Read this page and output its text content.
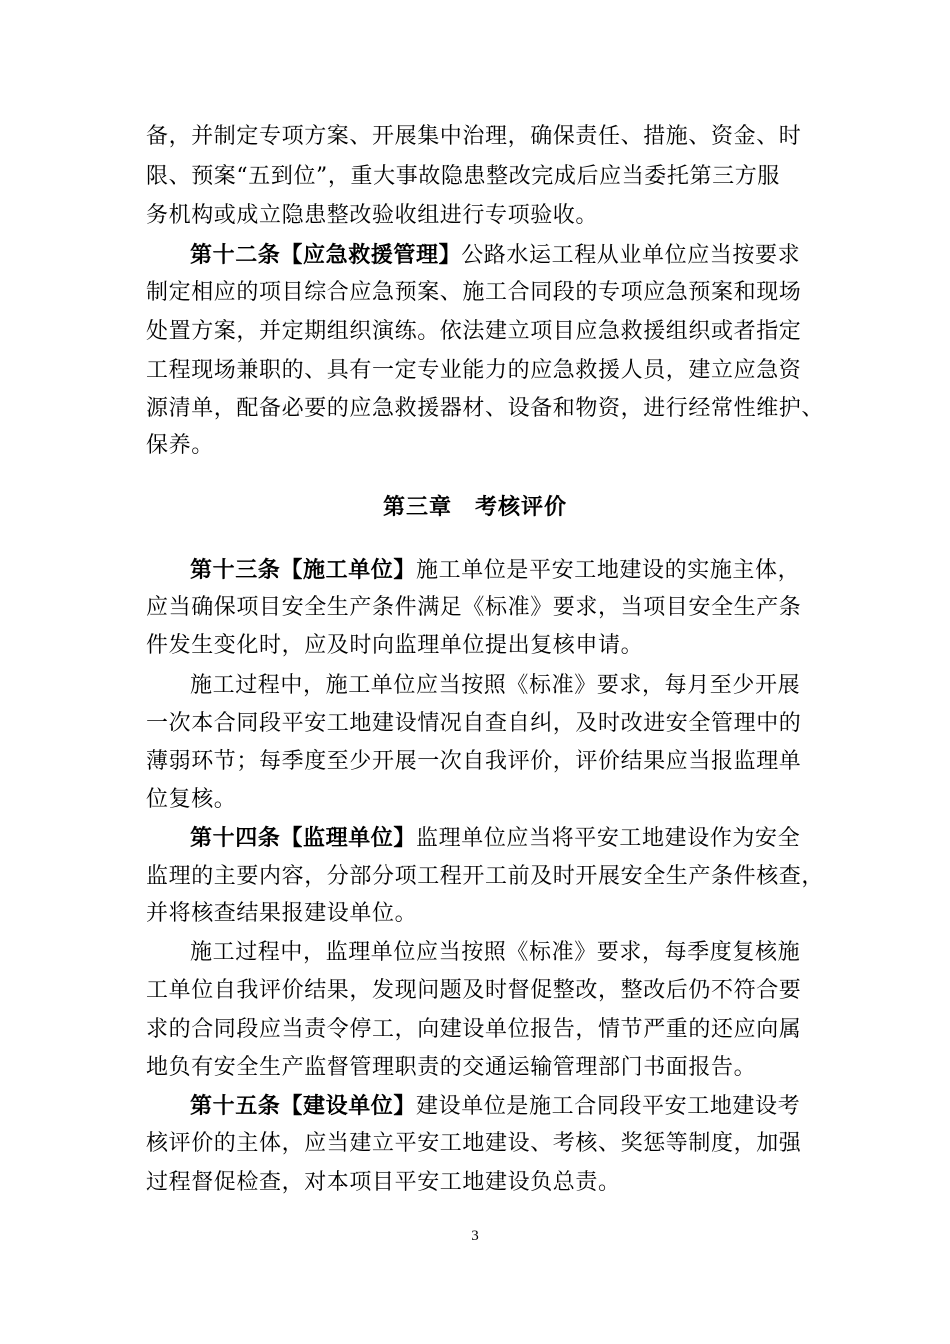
备，并制定专项方案、开展集中治理，确保责任、措施、资金、时
限、预案“五到位”，重大事故隐患整改完成后应当委托第三方服
务机构或成立隐患整改验收组进行专项验收。
第十二条【应急救援管理】公路水运工程从业单位应当按要求
制定相应的项目综合应急预案、施工合同段的专项应急预案和现场
处置方案，并定期组织演练。依法建立项目应急救援组织或者指定
工程现场兼职的、具有一定专业能力的应急救援人员，建立应急资
源清单，配备必要的应急救援器材、设备和物资，进行经常性维护、
保养。
第三章　考核评价
第十三条【施工单位】施工单位是平安工地建设的实施主体，
应当确保项目安全生产条件满足《标准》要求，当项目安全生产条
件发生变化时，应及时向监理单位提出复核申请。
施工过程中，施工单位应当按照《标准》要求，每月至少开展
一次本合同段平安工地建设情况自查自纠，及时改进安全管理中的
薄弱环节；每季度至少开展一次自我评价，评价结果应当报监理单
位复核。
第十四条【监理单位】监理单位应当将平安工地建设作为安全
监理的主要内容，分部分项工程开工前及时开展安全生产条件核查，
并将核查结果报建设单位。
施工过程中，监理单位应当按照《标准》要求，每季度复核施
工单位自我评价结果，发现问题及时督促整改，整改后仍不符合要
求的合同段应当责令停工，向建设单位报告，情节严重的还应向属
地负有安全生产监督管理职责的交通运输管理部门书面报告。
第十五条【建设单位】建设单位是施工合同段平安工地建设考
核评价的主体，应当建立平安工地建设、考核、奖惩等制度，加强
过程督促检查，对本项目平安工地建设负总责。
3
